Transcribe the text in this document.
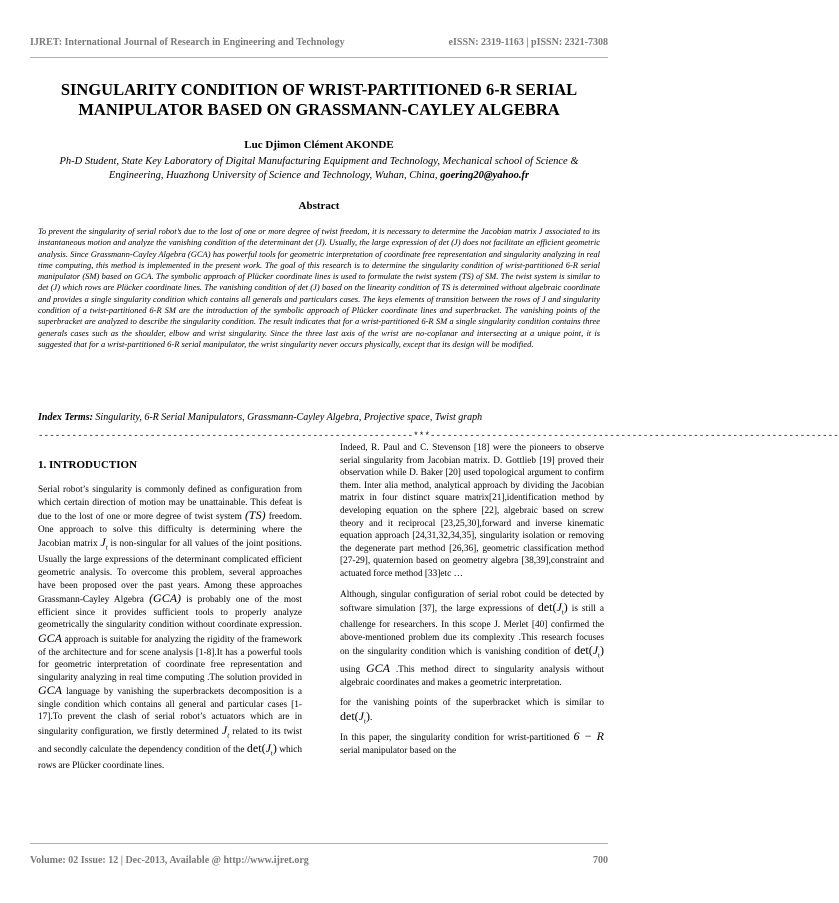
IJRET: International Journal of Research in Engineering and Technology	eISSN: 2319-1163 | pISSN: 2321-7308
SINGULARITY CONDITION OF WRIST-PARTITIONED 6-R SERIAL MANIPULATOR BASED ON GRASSMANN-CAYLEY ALGEBRA
Luc Djimon Clément AKONDE
Ph-D Student, State Key Laboratory of Digital Manufacturing Equipment and Technology, Mechanical school of Science & Engineering, Huazhong University of Science and Technology, Wuhan, China, goering20@yahoo.fr
Abstract
To prevent the singularity of serial robot’s due to the lost of one or more degree of twist freedom, it is necessary to determine the Jacobian matrix J associated to its instantaneous motion and analyze the vanishing condition of the determinant det (J). Usually, the large expression of det (J) does not facilitate an efficient geometric analysis. Since Grassmann-Cayley Algebra (GCA) has powerful tools for geometric interpretation of coordinate free representation and singularity analyzing in real time computing, this method is implemented in the present work. The goal of this research is to determine the singularity condition of wrist-partitioned 6-R serial manipulator (SM) based on GCA. The symbolic approach of Plücker coordinate lines is used to formulate the twist system (TS) of SM. The twist system is similar to det (J) which rows are Plücker coordinate lines. The vanishing condition of det (J) based on the linearity condition of TS is determined without algebraic coordinate and provides a single singularity condition which contains all generals and particulars cases. The keys elements of transition between the rows of J and singularity condition of a twist-partitioned 6-R SM are the introduction of the symbolic approach of Plücker coordinate lines and superbracket. The vanishing points of the superbracket are analyzed to describe the singularity condition. The result indicates that for a wrist-partitioned 6-R SM a single singularity condition contains three generals cases such as the shoulder, elbow and wrist singularity. Since the three last axis of the wrist are no-coplanar and intersecting at a unique point, it is suggested that for a wrist-partitioned 6-R serial manipulator, the wrist singularity never occurs physically, except that its design will be modified.
Index Terms: Singularity, 6-R Serial Manipulators, Grassmann-Cayley Algebra, Projective space, Twist graph
-------------------------------------------------------------------***-------------------------------------------------------------------------
1. INTRODUCTION

Serial robot’s singularity is commonly defined as configuration from which certain direction of motion may be unattainable. This defeat is due to the lost of one or more degree of twist system (TS) freedom. One approach to solve this difficulty is determining where the Jacobian matrix $J_t$ is non-singular for all values of the joint positions. Usually the large expressions of the determinant complicated efficient geometric analysis. To overcome this problem, several approaches have been proposed over the past years. Among these approaches Grassmann-Cayley Algebra (GCA) is probably one of the most efficient since it provides sufficient tools to properly analyze geometrically the singularity condition without coordinate expression. GCA approach is suitable for analyzing the rigidity of the framework of the architecture and for scene analysis [1-8].It has a powerful tools for geometric interpretation of coordinate free representation and singularity analyzing in real time computing .The solution provided in GCA language by vanishing the superbrackets decomposition is a single condition which contains all general and particular cases [1-17].To prevent the clash of serial robot’s actuators which are in singularity configuration, we firstly determined $J_t$ related to its twist and secondly calculate the dependency condition of the $\det(J_t)$ which rows are Plücker coordinate lines.

Indeed, R. Paul and C. Stevenson [18] were the pioneers to observe serial singularity from Jacobian matrix. D. Gottlieb [19] proved their observation while D. Baker [20] used topological argument to confirm them. Inter alia method, analytical approach by dividing the Jacobian matrix in four distinct square matrix[21],identification method by developing equation on the sphere [22], algebraic based on screw theory and it reciprocal [23,25,30],forward and inverse kinematic equation approach [24,31,32,34,35], singularity isolation or removing the degenerate part method [26,36], geometric classification method [27-29], quaternion based on geometry algebra [38,39],constraint and actuated force method [33]etc …

Although, singular configuration of serial robot could be detected by software simulation [37], the large expressions of $\det(J_t)$ is still a challenge for researchers. In this scope J. Merlet [40] confirmed the above-mentioned problem due its complexity .This research focuses on the singularity condition which is vanishing condition of $\det(J_t)$ using GCA .This method direct to singularity analysis without algebraic coordinates and makes a geometric interpretation.

for the vanishing points of the superbracket which is similar to $\det(J_t)$.

In this paper, the singularity condition for wrist-partitioned 6 − R serial manipulator based on the

Volume: 02 Issue: 12 | Dec-2013, Available @ http://www.ijret.org	700
